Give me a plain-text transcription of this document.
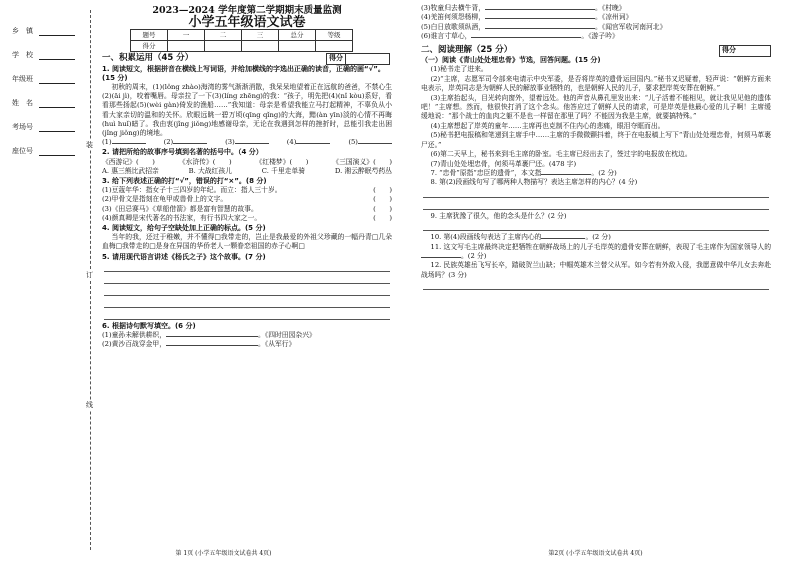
乡　镇
学　校
年级班
姓　名
考场号
座位号
装
订
线
2023—2024 学年度第二学期期末质量监测
小学五年级语文试卷
题号	一	二	三	总分	等级
得分					
一、积累运用（45 分）	得分
1. 阅读短文，根据拼音在横线上写词语，并给加横线的字选出正确的读音，正确的画“√”。(15 分)
初秋的周末，(1)(lǒng zhào)海湾的雾气渐渐消散，我呆呆地望着正在远航的爸爸，不禁心生(2)(āi jì)，咬着嘴唇。母亲拉了一下(3)(líng zhēng)的我：“孩子，明先把(4)(nǐ kòu)系好，看看那些扬起(5)(wèi gàn)倚发的渔船……”我知道：母亲是希望我能立马打起精神，不辜负从小看大家亲切的温和的关怀。欣眼远眺一碧万顷(qīng qǐng)的大海，黯(àn yīn)淡的心情不再晦(huì huǐ)暗了。我由衷(jǐng jiǒng)地感谢母亲，无论在我遇到怎样的挫折时，总能引我走出困(jǐng jiǒng)的境地。
(1)	(2)	(3)	(4)	(5)
2. 请把所给的故事序号填到名著的括号中。（4 分）
《西游记》(　　)	《水浒传》(　　)	《红楼梦》(　　)	《三国演义》(　　)
A. 惠三熊比武招亲	B. 大战红孩儿	C. 千里走单骑	D. 湘云醉眠芍药丛
3. 给下列表述正确的打“√”，错误的打“×”。(8 分)
(1)豆蔻年华：指女子十三四岁的年纪。而立：指人三十岁。	(　　)
(2)甲骨文是指刻在龟甲或兽骨上的文字。	(　　)
(3)《田忌赛马》《草船借箭》都是富有智慧的故事。	(　　)
(4)颜真卿是宋代著名的书法家，有行书四大家之一。	(　　)
4. 阅读短文，给句子空缺处加上正确的标点。(5 分)
当年的我，还过于稚嫩，并不懂得□我带走的，岂止是我最爱的外祖父珍藏的一幅丹青□几朵血梅□我带走的□是身在异国的华侨老人一颗眷恋祖国的赤子心啊□
5. 请用现代语言讲述《杨氏之子》这个故事。(7 分)
6. 根据诗句默写填空。(6 分)
(1)童孙未解供耕织，	。《四时田园杂兴》
(2)黄沙百战穿金甲，	。《从军行》
第 1页 (小学五年级语文试卷共 4页)
(3)牧童归去横牛背，	。《村晚》
(4)羌笛何须怨杨柳，	。《凉州词》
(5)白日放歌须纵酒，	。《闻官军收河南河北》
(6)谁言寸草心，	。《游子吟》
二、阅读理解（25 分）	得分
（一）阅读《青山处处埋忠骨》节选，回答问题。(15 分)
(1)秘书走了进来。
(2)“主席，志愿军司令部来电请示中央军委，是否将岸英的遗骨运回国内。”秘书又迟疑着，轻声说：“朝鲜方面来电表示，岸英同志是为朝鲜人民的解放事业牺牲的，也是朝鲜人民的儿子，要求把岸英安葬在朝鲜。”
(3)主席抬起头，目光转向窗外，望着远处。他的声音从鼻孔里发出来：“儿子活着不能相见，就让我见见他的遗体吧！”主席想。然而，他很快打消了这个念头。他答应过了朝鲜人民的请求，可是岸英是他最心爱的儿子啊！主席缓缓地说：“那个战士的血肉之躯不是也一样留在那里了吗？不能因为我是主席，就要搞特殊。”
(4)主席想起了岸英的童年……主席再也克制不住内心的悲痛，眼泪夺眶而出。
(5)秘书把电报稿和笔递到主席手中……主席的手微微颤抖着，终于在电报稿上写下“青山处处埋忠骨，何须马革裹尸还。”
(6)第二天早上，秘书来到毛主席的卧室。毛主席已经出去了，签过字的电报放在枕边。
(7)青山处处埋忠骨，何须马革裹尸还。(478 字)
7. “忠骨”原指“忠臣的遗骨”，本文指	。(2 分)
8. 第(2)段画线句写了哪两种人物描写？表达主席怎样的内心？(4 分)
9. 主席犹豫了很久，他的念头是什么？(2 分)
10. 第(4)段画线句表达了主席内心的	。(2 分)
11. 这文写毛主席最终决定把牺牲在朝鲜战场上的儿子毛岸英的遗骨安葬在朝鲜，表现了毛主席作为国家领导人的。(2 分)
12. 民族英雄岳飞写长卒，踏破贺兰山缺；中帼英雄木兰替父从军。如今若有外敌入侵，我愿意做中华儿女去奔赴战场吗？(3 分)
第2页 (小学五年级语文试卷共 4页)
